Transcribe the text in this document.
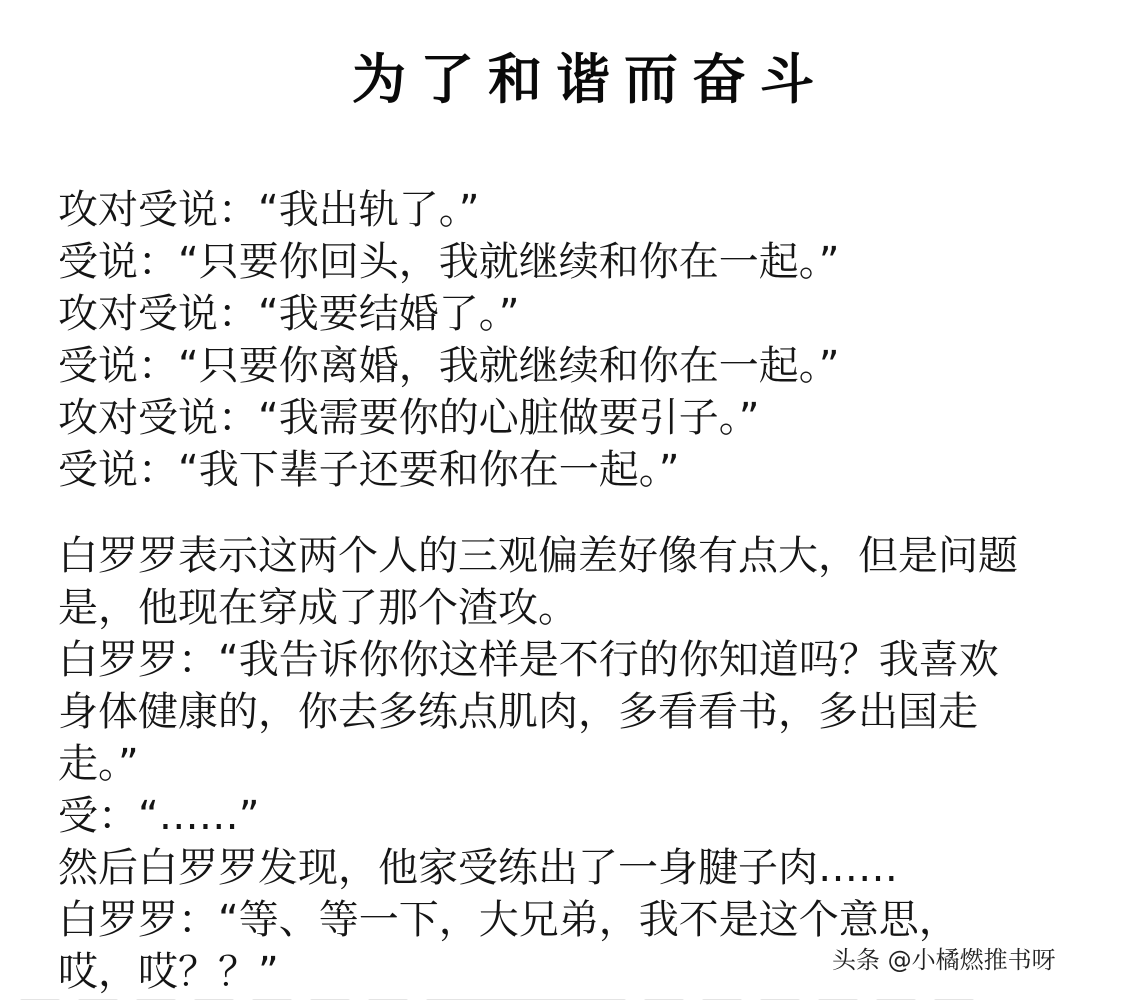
为了和谐而奋斗
攻对受说：“我出轨了。”
受说：“只要你回头，我就继续和你在一起。”
攻对受说：“我要结婚了。”
受说：“只要你离婚，我就继续和你在一起。”
攻对受说：“我需要你的心脏做要引子。”
受说：“我下辈子还要和你在一起。”
白罗罗表示这两个人的三观偏差好像有点大，但是问题
是，他现在穿成了那个渣攻。
白罗罗：“我告诉你你这样是不行的你知道吗？我喜欢
身体健康的，你去多练点肌肉，多看看书，多出国走
走。”
受：“……”
然后白罗罗发现，他家受练出了一身腱子肉……
白罗罗：“等、等一下，大兄弟，我不是这个意思，
哎，哎？？”	头条 @小橘燃推书呀
